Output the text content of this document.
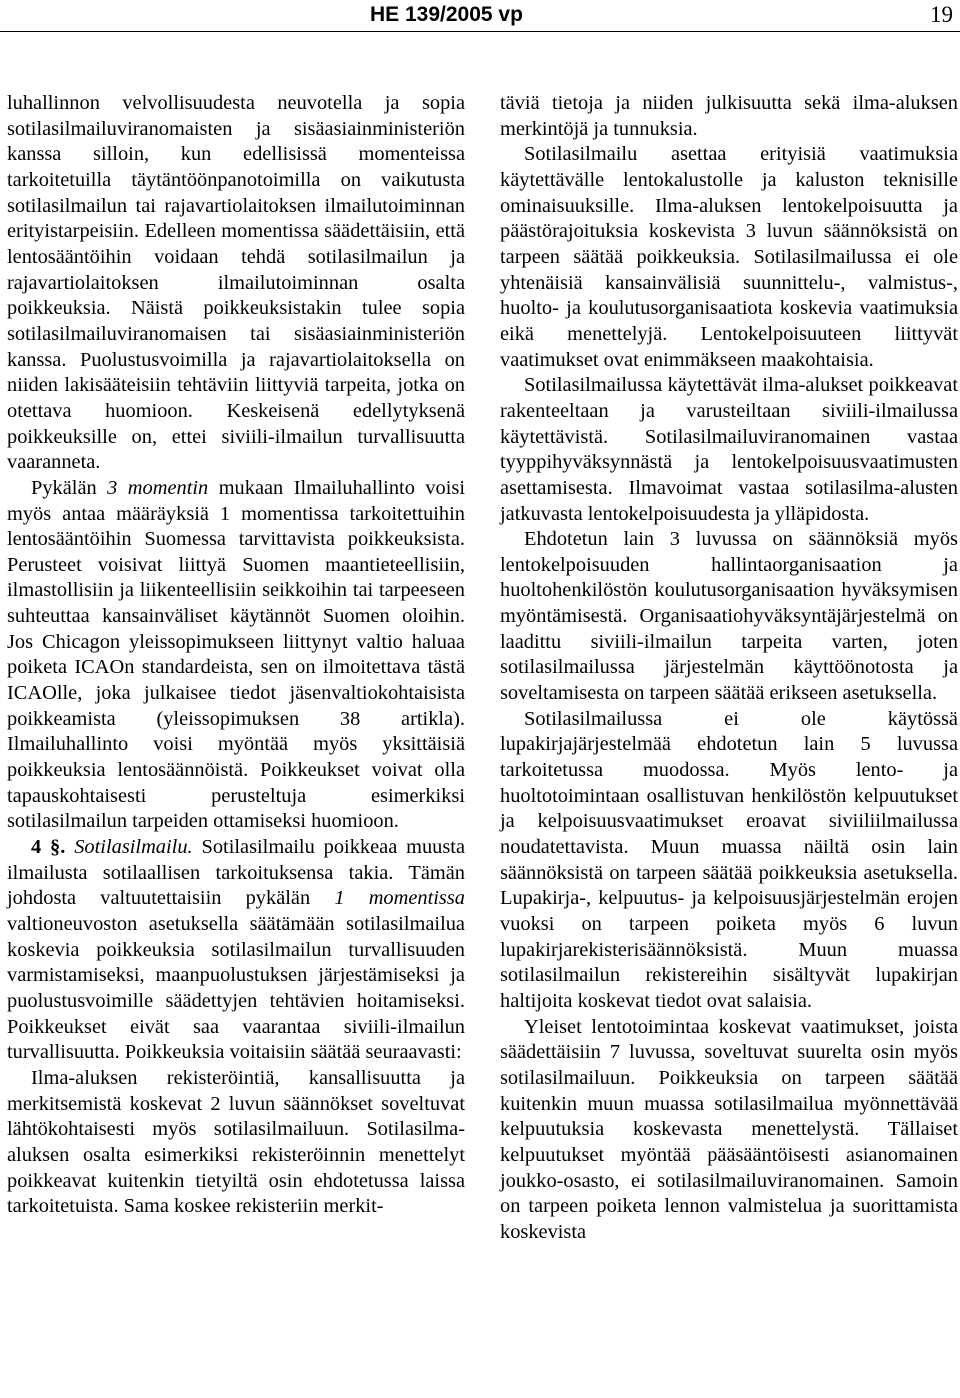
HE 139/2005 vp	19

luhallinnon velvollisuudesta neuvotella ja sopia sotilasilmailuviranomaisten ja sisäasiainministeriön kanssa silloin, kun edellisissä momenteissa tarkoitetuilla täytäntöönpanotoimilla on vaikutusta sotilasilmailun tai rajavartiolaitoksen ilmailutoiminnan erityistarpeisiin. Edelleen momentissa säädettäisiin, että lentosääntöihin voidaan tehdä sotilasilmailun ja rajavartiolaitoksen ilmailutoiminnan osalta poikkeuksia. Näistä poikkeuksistakin tulee sopia sotilasilmailuviranomaisen tai sisäasiainministeriön kanssa. Puolustusvoimilla ja rajavartiolaitoksella on niiden lakisääteisiin tehtäviin liittyviä tarpeita, jotka on otettava huomioon. Keskeisenä edellytyksenä poikkeuksille on, ettei siviili-ilmailun turvallisuutta vaaranneta.

Pykälän 3 momentin mukaan Ilmailuhallinto voisi myös antaa määräyksiä 1 momentissa tarkoitettuihin lentosääntöihin Suomessa tarvittavista poikkeuksista. Perusteet voisivat liittyä Suomen maantieteellisiin, ilmastollisiin ja liikenteellisiin seikkoihin tai tarpeeseen suhteuttaa kansainväliset käytännöt Suomen oloihin. Jos Chicagon yleissopimukseen liittynyt valtio haluaa poiketa ICAOn standardeista, sen on ilmoitettava tästä ICAOlle, joka julkaisee tiedot jäsenvaltiokohtaisista poikkeamista (yleissopimuksen 38 artikla). Ilmailuhallinto voisi myöntää myös yksittäisiä poikkeuksia lentosäännöistä. Poikkeukset voivat olla tapauskohtaisesti perusteltuja esimerkiksi sotilasilmailun tarpeiden ottamiseksi huomioon.

4 §. Sotilasilmailu. Sotilasilmailu poikkeaa muusta ilmailusta sotilaallisen tarkoituksensa takia. Tämän johdosta valtuutettaisiin pykälän 1 momentissa valtioneuvoston asetuksella säätämään sotilasilmailua koskevia poikkeuksia sotilasilmailun turvallisuuden varmistamiseksi, maanpuolustuksen järjestämiseksi ja puolustusvoimille säädettyjen tehtävien hoitamiseksi. Poikkeukset eivät saa vaarantaa siviili-ilmailun turvallisuutta. Poikkeuksia voitaisiin säätää seuraavasti:

Ilma-aluksen rekisteröintiä, kansallisuutta ja merkitsemistä koskevat 2 luvun säännökset soveltuvat lähtökohtaisesti myös sotilasilmailuun. Sotilasilma-aluksen osalta esimerkiksi rekisteröinnin menettelyt poikkeavat kuitenkin tietyiltä osin ehdotetussa laissa tarkoitetuista. Sama koskee rekisteriin merkit-

täviä tietoja ja niiden julkisuutta sekä ilma-aluksen merkintöjä ja tunnuksia.

Sotilasilmailu asettaa erityisiä vaatimuksia käytettävälle lentokalustolle ja kaluston teknisille ominaisuuksille. Ilma-aluksen lentokelpoisuutta ja päästörajoituksia koskevista 3 luvun säännöksistä on tarpeen säätää poikkeuksia. Sotilasilmailussa ei ole yhtenäisiä kansainvälisiä suunnittelu-, valmistus-, huolto- ja koulutusorganisaatiota koskevia vaatimuksia eikä menettelyjä. Lentokelpoisuuteen liittyvät vaatimukset ovat enimmäkseen maakohtaisia.

Sotilasilmailussa käytettävät ilma-alukset poikkeavat rakenteeltaan ja varusteiltaan siviili-ilmailussa käytettävistä. Sotilasilmailuviranomainen vastaa tyyppihyväksynnästä ja lentokelpoisuusvaatimusten asettamisesta. Ilmavoimat vastaa sotilasilma-alusten jatkuvasta lentokelpoisuudesta ja ylläpidosta.

Ehdotetun lain 3 luvussa on säännöksiä myös lentokelpoisuuden hallintaorganisaation ja huoltohenkilöstön koulutusorganisaation hyväksymisen myöntämisestä. Organisaatiohyväksyntäjärjestelmä on laadittu siviili-ilmailun tarpeita varten, joten sotilasilmailussa järjestelmän käyttöönotosta ja soveltamisesta on tarpeen säätää erikseen asetuksella.

Sotilasilmailussa ei ole käytössä lupakirjajärjestelmää ehdotetun lain 5 luvussa tarkoitetussa muodossa. Myös lento- ja huoltotoimintaan osallistuvan henkilöstön kelpuutukset ja kelpoisuusvaatimukset eroavat siviiliilmailussa noudatettavista. Muun muassa näiltä osin lain säännöksistä on tarpeen säätää poikkeuksia asetuksella. Lupakirja-, kelpuutus- ja kelpoisuusjärjestelmän erojen vuoksi on tarpeen poiketa myös 6 luvun lupakirjarekisterisäännöksistä. Muun muassa sotilasilmailun rekistereihin sisältyvät lupakirjan haltijoita koskevat tiedot ovat salaisia.

Yleiset lentotoimintaa koskevat vaatimukset, joista säädettäisiin 7 luvussa, soveltuvat suurelta osin myös sotilasilmailuun. Poikkeuksia on tarpeen säätää kuitenkin muun muassa sotilasilmailua myönnettävää kelpuutuksia koskevasta menettelystä. Tällaiset kelpuutukset myöntää pääsääntöisesti asianomainen joukko-osasto, ei sotilasilmailuviranomainen. Samoin on tarpeen poiketa lennon valmistelua ja suorittamista koskevista
